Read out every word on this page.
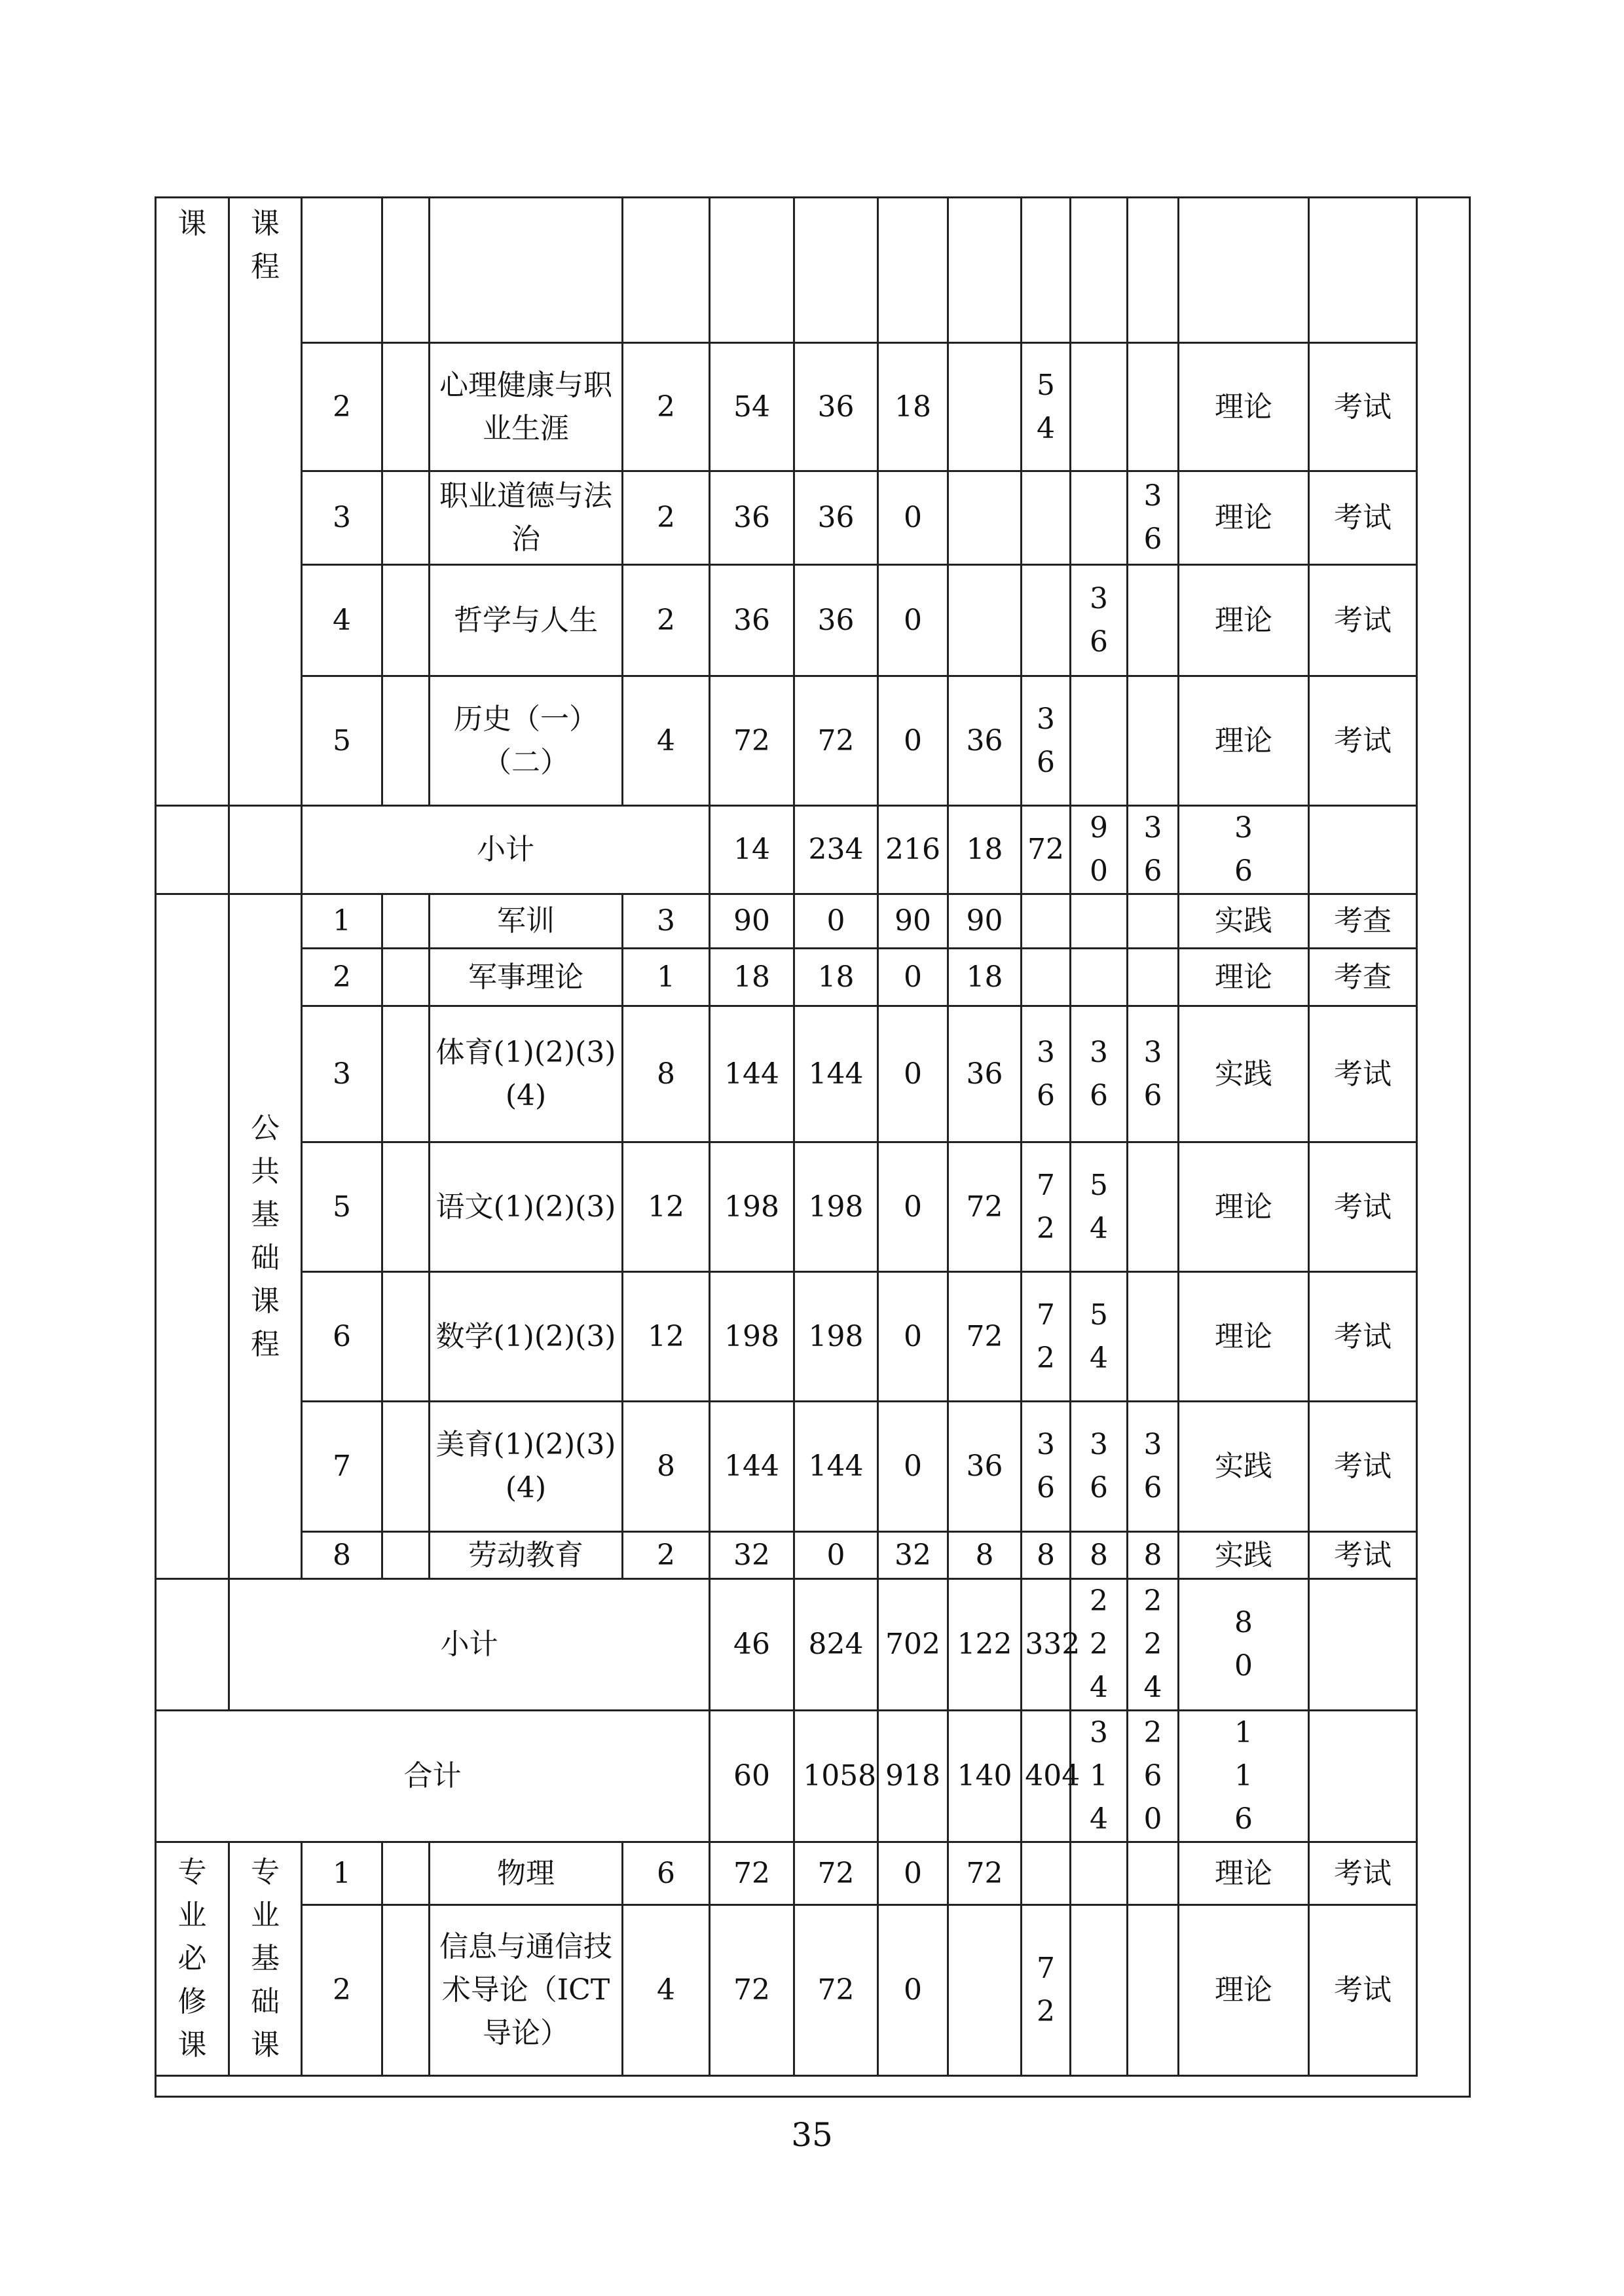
课	课程														
		2		心理健康与职业生涯	2	54	36	18		54			理论	考试	
		3		职业道德与法治	2	36	36	0				36	理论	考试	
		4		哲学与人生	2	36	36	0			36		理论	考试	
		5		历史（一）（二）	4	72	72	0	36	36			理论	考试	
		小计				14	234	216	18	72	90	36	36		
	公共基础课程	1		军训	3	90	0	90	90				实践	考查	
		2		军事理论	1	18	18	0	18				理论	考查	
		3		体育(1)(2)(3)(4)	8	144	144	0	36	36	36	36	实践	考试	
		5		语文(1)(2)(3)	12	198	198	0	72	72	54		理论	考试	
		6		数学(1)(2)(3)	12	198	198	0	72	72	54		理论	考试	
		7		美育(1)(2)(3)(4)	8	144	144	0	36	36	36	36	实践	考试	
		8		劳动教育	2	32	0	32	8	8	8	8	实践	考试	
	小计					46	824	702	122	332	224	224	80		
合计						60	1058	918	140	404	314	260	116		
专业必修课	专业基础课	1		物理	6	72	72	0	72				理论	考试	
		2		信息与通信技术导论（ICT导论）	4	72	72	0		72			理论	考试	
35
